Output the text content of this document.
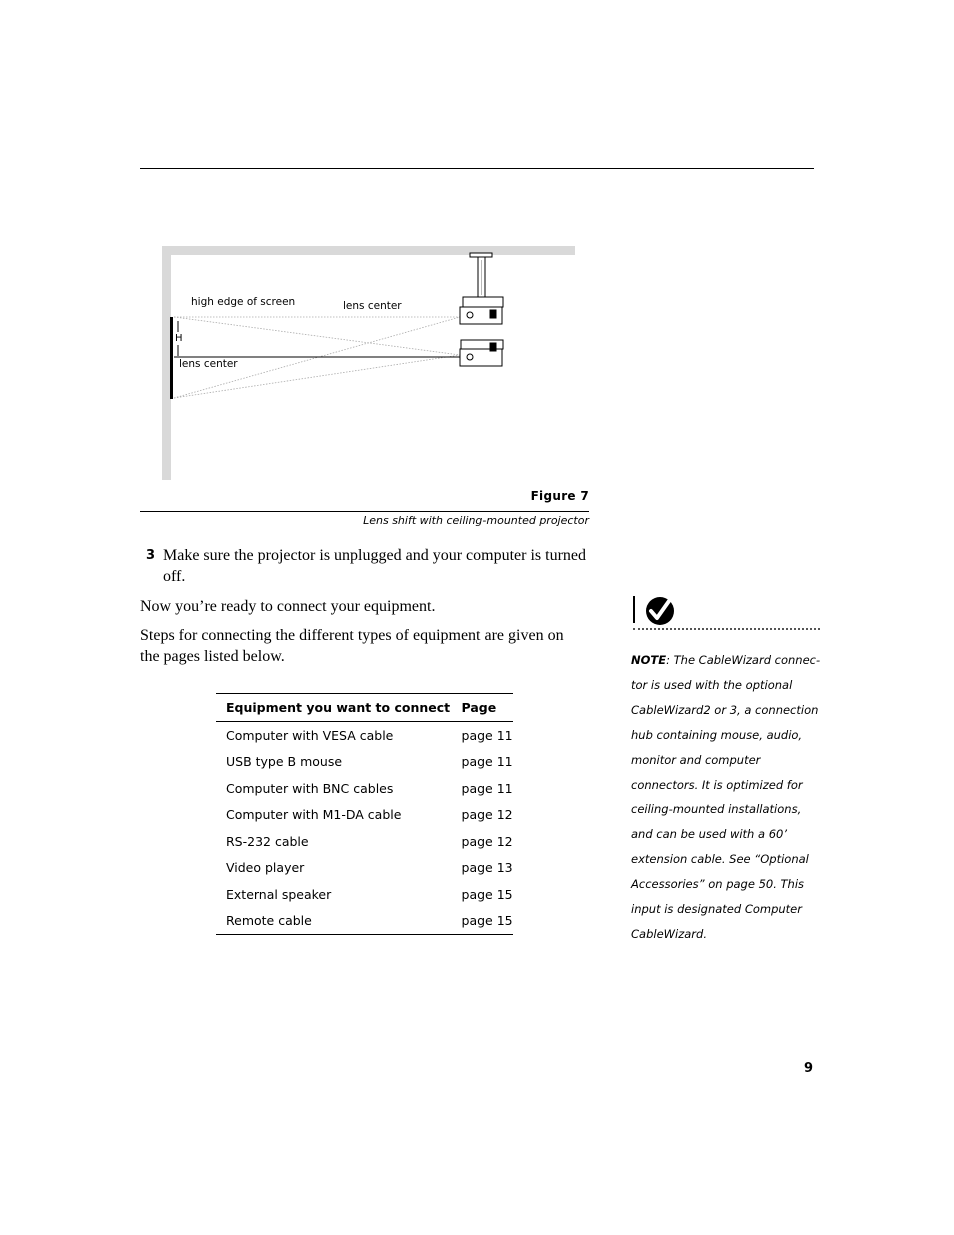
high edge of screen	lens center
H
lens center
Figure 7
Lens shift with ceiling-mounted projector
3 Make sure the projector is unplugged and your computer is turned off.
Now you’re ready to connect your equipment.
Steps for connecting the different types of equipment are given on the pages listed below.
Equipment you want to connect	Page
Computer with VESA cable	page 11
USB type B mouse	page 11
Computer with BNC cables	page 11
Computer with M1-DA cable	page 12
RS-232 cable	page 12
Video player	page 13
External speaker	page 15
Remote cable	page 15
NOTE: The CableWizard connec- tor is used with the optional CableWizard2 or 3, a connection hub containing mouse, audio, monitor and computer connectors. It is optimized for ceiling-mounted installations, and can be used with a 60’ extension cable. See “Optional Accessories” on page 50. This input is designated Computer CableWizard.
9
